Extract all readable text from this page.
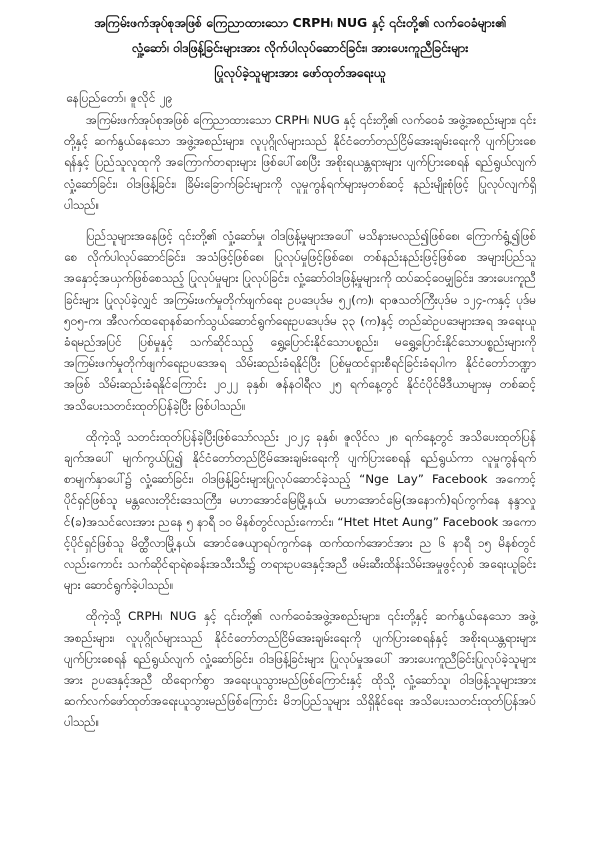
အကြမ်းဖက်အုပ်စုအဖြစ် ကြေညာထားသော CRPH၊ NUG နှင့် ၎င်းတို့၏ လက်ဝေခံများ၏
လှုံ့ဆော်၊ ဝါဒဖြန့်ခြင်းများအား လိုက်ပါလုပ်ဆောင်ခြင်း၊ အားပေးကူညီခြင်းများ
ပြုလုပ်ခဲ့သူများအား ဖော်ထုတ်အရေးယူ
နေပြည်တော်၊ ဇူလိုင် ၂၉

အကြမ်းဖက်အုပ်စုအဖြစ် ကြေညာထားသော CRPH၊ NUG နှင့် ၎င်းတို့၏ လက်ဝေခံ အဖွဲ့အစည်းများ၊ ၎င်းတို့နှင့် ဆက်နွယ်နေသော အဖွဲ့အစည်းများ၊ လူပုဂ္ဂိုလ်များသည် နိုင်ငံတော်တည်ငြိမ်အေးချမ်းရေးကို ပျက်ပြားစေရန်နှင့် ပြည်သူလူထုကို အကြောက်တရားများ ဖြစ်ပေါ်စေပြီး အစိုးရယန္တရားများ ပျက်ပြားစေရန် ရည်ရွယ်လျက် လှုံ့ဆော်ခြင်း၊ ဝါဒဖြန့်ခြင်း၊ ခြိမ်းခြောက်ခြင်းများကို လူမှုကွန်ရက်များမှတစ်ဆင့် နည်းမျိုးစုံဖြင့် ပြုလုပ်လျက်ရှိပါသည်။

ပြည်သူများအနေဖြင့် ၎င်းတို့၏ လှုံ့ဆော်မှု၊ ဝါဒဖြန့်မှုများအပေါ် မသိနားမလည်၍ဖြစ်စေ၊ ကြောက်ရွံ့၍ဖြစ်စေ လိုက်ပါလုပ်ဆောင်ခြင်း၊ အသံဖြင့်ဖြစ်စေ၊ ပြုလုပ်မှုဖြင့်ဖြစ်စေ၊ တစ်နည်းနည်းဖြင့်ဖြစ်စေ အများပြည်သူအနှောင့်အယှက်ဖြစ်စေသည့် ပြုလုပ်မှုများ ပြုလုပ်ခြင်း၊ လှုံ့ဆော်ဝါဒဖြန့်မှုများကို ထပ်ဆင့်ဝေမျှခြင်း၊ အားပေးကူညီခြင်းများ ပြုလုပ်ခဲ့လျှင် အကြမ်းဖက်မှုတိုက်ဖျက်ရေး ဥပဒေပုဒ်မ ၅၂(က)၊ ရာဇသတ်ကြီးပုဒ်မ ၁၂၄-ကနှင့် ပုဒ်မ ၅ဝ၅-က၊ အီလက်ထရောနစ်ဆက်သွယ်ဆောင်ရွက်ရေးဥပဒေပုဒ်မ ၃၃ (က)နှင့် တည်ဆဲဥပဒေများအရ အရေးယူခံရမည်အပြင် ပြစ်မှုနှင့် သက်ဆိုင်သည့် ရွှေ့ပြောင်းနိုင်သောပစ္စည်း၊ မရွှေ့ပြောင်းနိုင်သောပစ္စည်းများကို အကြမ်းဖက်မှုတိုက်ဖျက်ရေးဥပဒေအရ သိမ်းဆည်းခံရနိုင်ပြီး ပြစ်မှုထင်ရှားစီရင်ခြင်းခံရပါက နိုင်ငံတော်ဘဏ္ဍာအဖြစ် သိမ်းဆည်းခံရနိုင်ကြောင်း ၂ဝ၂၂ ခုနှစ်၊ ဇန်နဝါရီလ ၂၅ ရက်နေ့တွင် နိုင်ငံပိုင်မီဒီယာများမှ တစ်ဆင့် အသိပေးသတင်းထုတ်ပြန်ခဲ့ပြီး ဖြစ်ပါသည်။

ထိုကဲ့သို့ သတင်းထုတ်ပြန်ခဲ့ပြီးဖြစ်သော်လည်း ၂ဝ၂၄ ခုနှစ်၊ ဇူလိုင်လ ၂၈ ရက်နေ့တွင် အသိပေးထုတ်ပြန်ချက်အပေါ် မျက်ကွယ်ပြု၍ နိုင်ငံတော်တည်ငြိမ်အေးချမ်းရေးကို ပျက်ပြားစေရန် ရည်ရွယ်ကာ လူမှုကွန်ရက်စာမျက်နှာပေါ်၌ လှုံ့ဆော်ခြင်း၊ ဝါဒဖြန့်ခြင်းများပြုလုပ်ဆောင်ခဲ့သည့် “Nge Lay” Facebook အကောင့်ပိုင်ရှင်ဖြစ်သူ မန္တလေးတိုင်းဒေသကြီး၊ မဟာအောင်မြေမြို့နယ်၊ မဟာအောင်မြေ(အနောက်)ရပ်ကွက်နေ နန္ဒာလှုင်(ခ)အသင်လေးအား ညနေ ၅ နာရီ ၁ဝ မိနစ်တွင်လည်းကောင်း၊ “Htet Htet Aung” Facebook အကောင့်ပိုင်ရှင်ဖြစ်သူ မိတ္ထီလာမြို့နယ်၊ အောင်ဇေယျာရပ်ကွက်နေ ထက်ထက်အောင်အား ည ၆ နာရီ ၁၅ မိနစ်တွင်လည်းကောင်း သက်ဆိုင်ရာရဲစခန်းအသီးသီး၌ တရားဥပဒေနှင့်အညီ ဖမ်းဆီးထိန်းသိမ်းအမှုဖွင့်လှစ် အရေးယူခြင်းများ ဆောင်ရွက်ခဲ့ပါသည်။

ထိုကဲ့သို့ CRPH၊ NUG နှင့် ၎င်းတို့၏ လက်ဝေခံအဖွဲ့အစည်းများ၊ ၎င်းတို့နှင့် ဆက်နွယ်နေသော အဖွဲ့အစည်းများ၊ လူပုဂ္ဂိုလ်များသည် နိုင်ငံတော်တည်ငြိမ်အေးချမ်းရေးကို ပျက်ပြားစေရန်နှင့် အစိုးရယန္တရားများ ပျက်ပြားစေရန် ရည်ရွယ်လျက် လှုံ့ဆော်ခြင်း၊ ဝါဒဖြန့်ခြင်းများ ပြုလုပ်မှုအပေါ် အားပေးကူညီခြင်းပြုလုပ်ခဲ့သူများအား ဥပဒေနှင့်အညီ ထိရောက်စွာ အရေးယူသွားမည်ဖြစ်ကြောင်းနှင့် ထိုသို့ လှုံ့ဆော်သူ၊ ဝါဒဖြန့်သူများအား ဆက်လက်ဖော်ထုတ်အရေးယူသွားမည်ဖြစ်ကြောင်း မိဘပြည်သူများ သိရှိနိုင်ရေး အသိပေးသတင်းထုတ်ပြန်အပ်ပါသည်။
